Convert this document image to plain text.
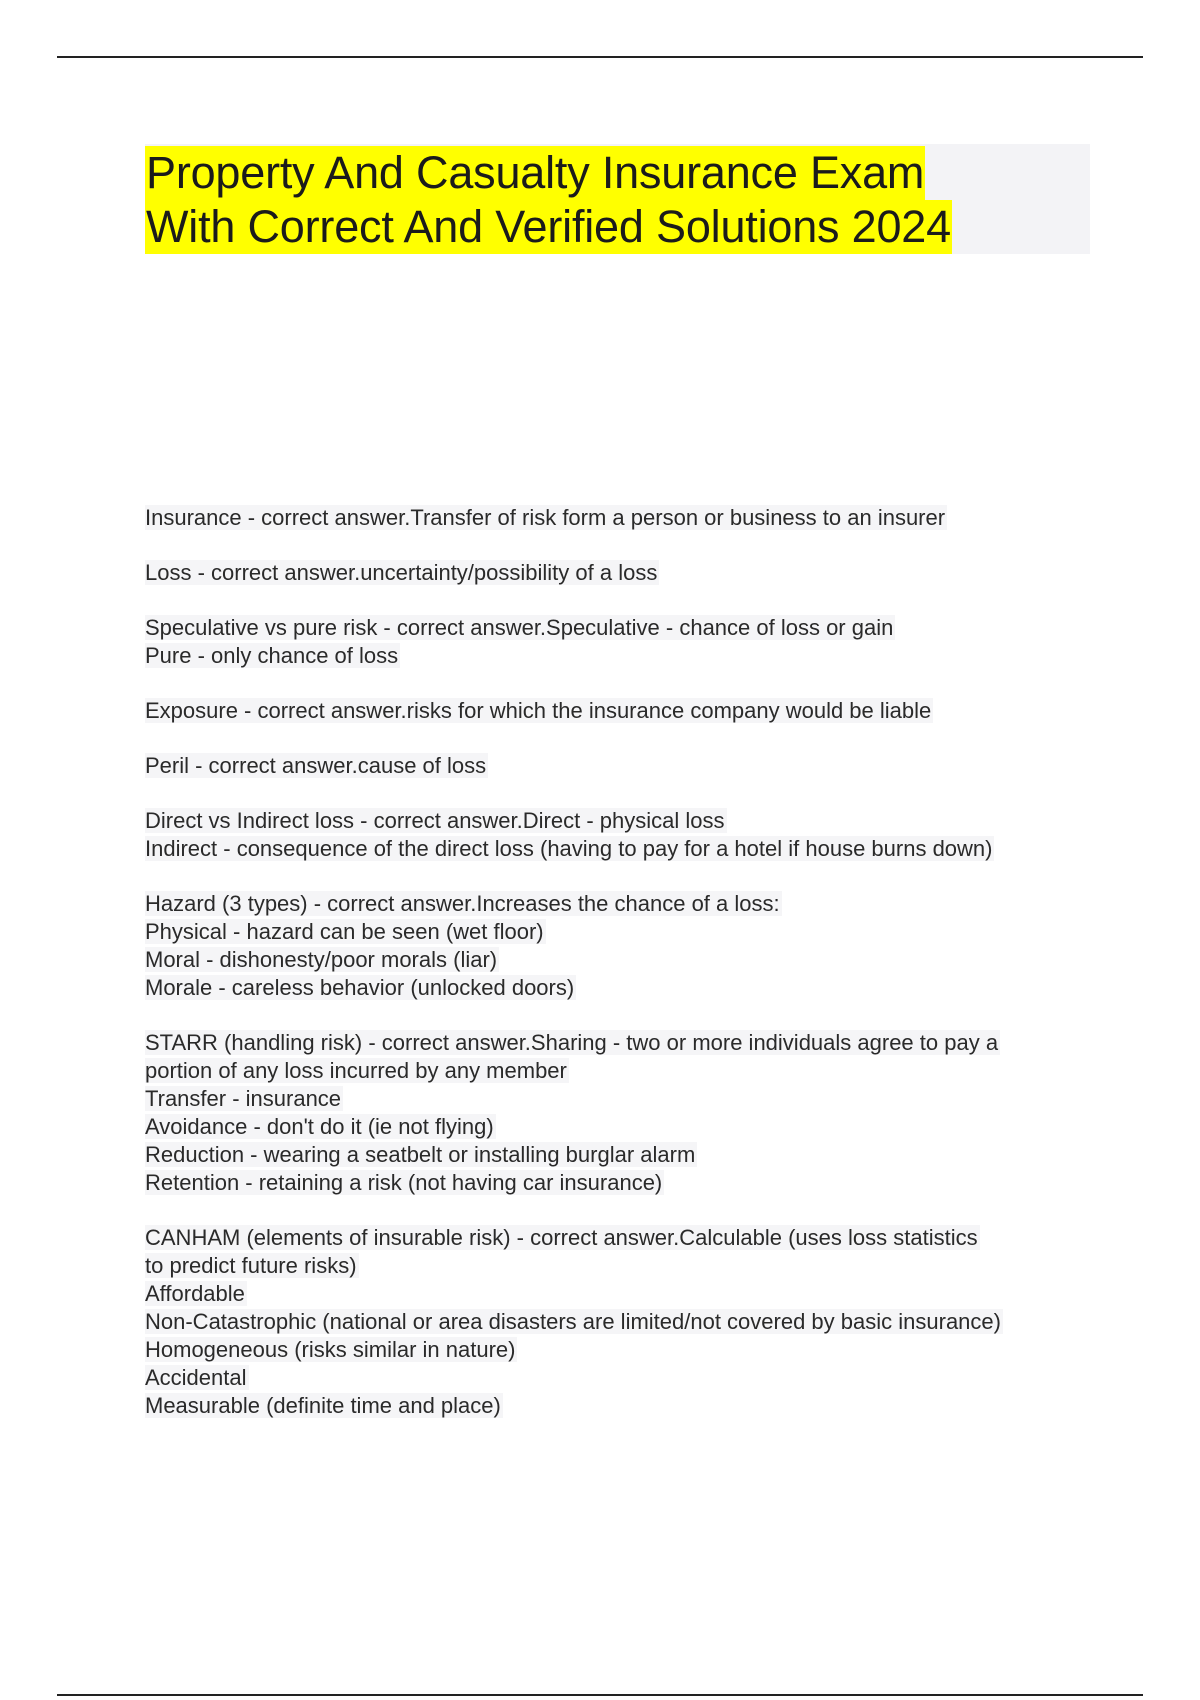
Property And Casualty Insurance Exam
With Correct And Verified Solutions 2024
Insurance - correct answer.Transfer of risk form a person or business to an insurer
Loss - correct answer.uncertainty/possibility of a loss
Speculative vs pure risk - correct answer.Speculative - chance of loss or gain
Pure - only chance of loss
Exposure - correct answer.risks for which the insurance company would be liable
Peril - correct answer.cause of loss
Direct vs Indirect loss - correct answer.Direct - physical loss
Indirect - consequence of the direct loss (having to pay for a hotel if house burns down)
Hazard (3 types) - correct answer.Increases the chance of a loss:
Physical - hazard can be seen (wet floor)
Moral - dishonesty/poor morals (liar)
Morale - careless behavior (unlocked doors)
STARR (handling risk) - correct answer.Sharing - two or more individuals agree to pay a
portion of any loss incurred by any member
Transfer - insurance
Avoidance - don't do it (ie not flying)
Reduction - wearing a seatbelt or installing burglar alarm
Retention - retaining a risk (not having car insurance)
CANHAM (elements of insurable risk) - correct answer.Calculable (uses loss statistics
to predict future risks)
Affordable
Non-Catastrophic (national or area disasters are limited/not covered by basic insurance)
Homogeneous (risks similar in nature)
Accidental
Measurable (definite time and place)
